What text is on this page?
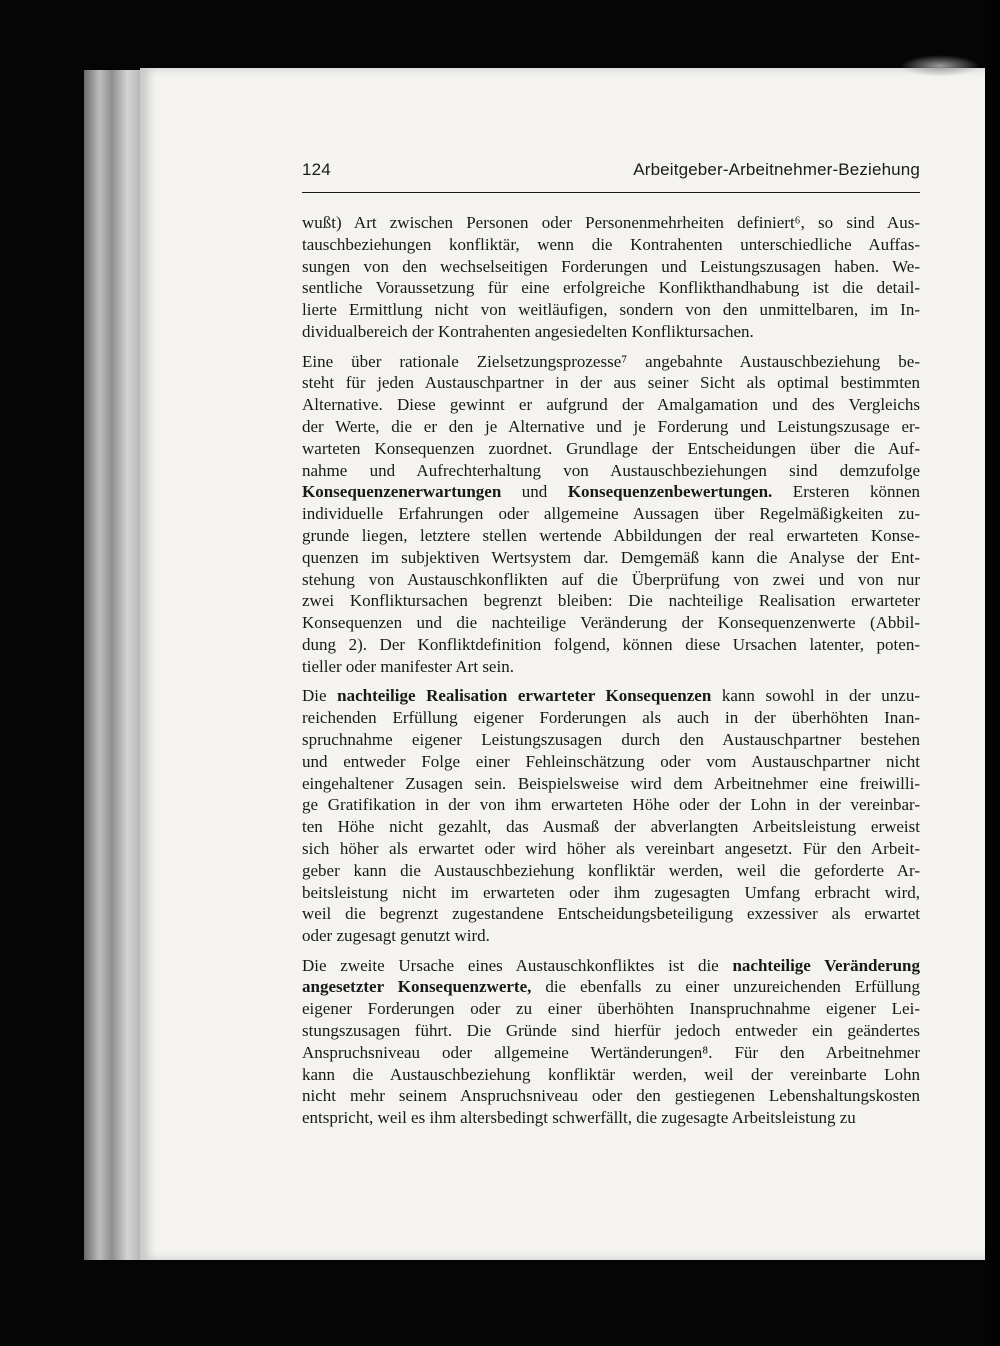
124	Arbeitgeber-Arbeitnehmer-Beziehung
wußt) Art zwischen Personen oder Personenmehrheiten definiert⁶, so sind Aus-
tauschbeziehungen konfliktär, wenn die Kontrahenten unterschiedliche Auffas-
sungen von den wechselseitigen Forderungen und Leistungszusagen haben. We-
sentliche Voraussetzung für eine erfolgreiche Konflikthandhabung ist die detail-
lierte Ermittlung nicht von weitläufigen, sondern von den unmittelbaren, im In-
dividualbereich der Kontrahenten angesiedelten Konfliktursachen.
Eine über rationale Zielsetzungsprozesse⁷ angebahnte Austauschbeziehung be-
steht für jeden Austauschpartner in der aus seiner Sicht als optimal bestimmten
Alternative. Diese gewinnt er aufgrund der Amalgamation und des Vergleichs
der Werte, die er den je Alternative und je Forderung und Leistungszusage er-
warteten Konsequenzen zuordnet. Grundlage der Entscheidungen über die Auf-
nahme und Aufrechterhaltung von Austauschbeziehungen sind demzufolge
Konsequenzenerwartungen und Konsequenzenbewertungen. Ersteren können
individuelle Erfahrungen oder allgemeine Aussagen über Regelmäßigkeiten zu-
grunde liegen, letztere stellen wertende Abbildungen der real erwarteten Konse-
quenzen im subjektiven Wertsystem dar. Demgemäß kann die Analyse der Ent-
stehung von Austauschkonflikten auf die Überprüfung von zwei und von nur
zwei Konfliktursachen begrenzt bleiben: Die nachteilige Realisation erwarteter
Konsequenzen und die nachteilige Veränderung der Konsequenzenwerte (Abbil-
dung 2). Der Konfliktdefinition folgend, können diese Ursachen latenter, poten-
tieller oder manifester Art sein.
Die nachteilige Realisation erwarteter Konsequenzen kann sowohl in der unzu-
reichenden Erfüllung eigener Forderungen als auch in der überhöhten Inan-
spruchnahme eigener Leistungszusagen durch den Austauschpartner bestehen
und entweder Folge einer Fehleinschätzung oder vom Austauschpartner nicht
eingehaltener Zusagen sein. Beispielsweise wird dem Arbeitnehmer eine freiwilli-
ge Gratifikation in der von ihm erwarteten Höhe oder der Lohn in der vereinbar-
ten Höhe nicht gezahlt, das Ausmaß der abverlangten Arbeitsleistung erweist
sich höher als erwartet oder wird höher als vereinbart angesetzt. Für den Arbeit-
geber kann die Austauschbeziehung konfliktär werden, weil die geforderte Ar-
beitsleistung nicht im erwarteten oder ihm zugesagten Umfang erbracht wird,
weil die begrenzt zugestandene Entscheidungsbeteiligung exzessiver als erwartet
oder zugesagt genutzt wird.
Die zweite Ursache eines Austauschkonfliktes ist die nachteilige Veränderung
angesetzter Konsequenzwerte, die ebenfalls zu einer unzureichenden Erfüllung
eigener Forderungen oder zu einer überhöhten Inanspruchnahme eigener Lei-
stungszusagen führt. Die Gründe sind hierfür jedoch entweder ein geändertes
Anspruchsniveau oder allgemeine Wertänderungen⁸. Für den Arbeitnehmer
kann die Austauschbeziehung konfliktär werden, weil der vereinbarte Lohn
nicht mehr seinem Anspruchsniveau oder den gestiegenen Lebenshaltungskosten
entspricht, weil es ihm altersbedingt schwerfällt, die zugesagte Arbeitsleistung zu
